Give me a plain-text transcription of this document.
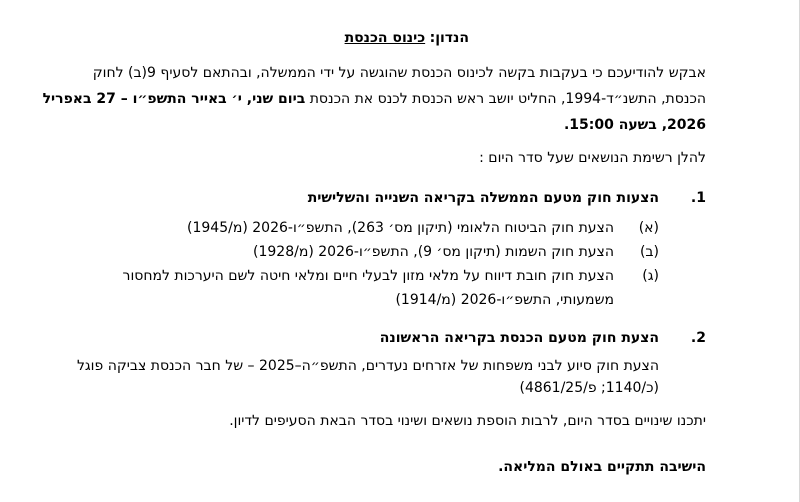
הנדון: כינוס הכנסת
אבקש להודיעכם כי בעקבות בקשה לכינוס הכנסת שהוגשה על ידי הממשלה, ובהתאם לסעיף 9(ב) לחוק
הכנסת, התשנ״ד-1994, החליט יושב ראש הכנסת לכנס את הכנסת ביום שני, י׳ באייר התשפ״ו – 27 באפריל
2026, בשעה 15:00.
להלן רשימת הנושאים שעל סדר היום :
1.
הצעות חוק מטעם הממשלה בקריאה השנייה והשלישית
(א)
הצעת חוק הביטוח הלאומי (תיקון מס׳ 263), התשפ״ו-2026 (מ/1945)
(ב)
הצעת חוק השמות (תיקון מס׳ 9), התשפ״ו-2026 (מ/1928)
(ג)
הצעת חוק חובת דיווח על מלאי מזון לבעלי חיים ומלאי חיטה לשם היערכות למחסור
משמעותי, התשפ״ו-2026 (מ/1914)
2.
הצעת חוק מטעם הכנסת בקריאה הראשונה
הצעת חוק סיוע לבני משפחות של אזרחים נעדרים, התשפ״ה–2025 – של חבר הכנסת צביקה פוגל
(כ/1140; פ/4861/25)
יתכנו שינויים בסדר היום, לרבות הוספת נושאים ושינוי בסדר הבאת הסעיפים לדיון.
הישיבה תתקיים באולם המליאה.
